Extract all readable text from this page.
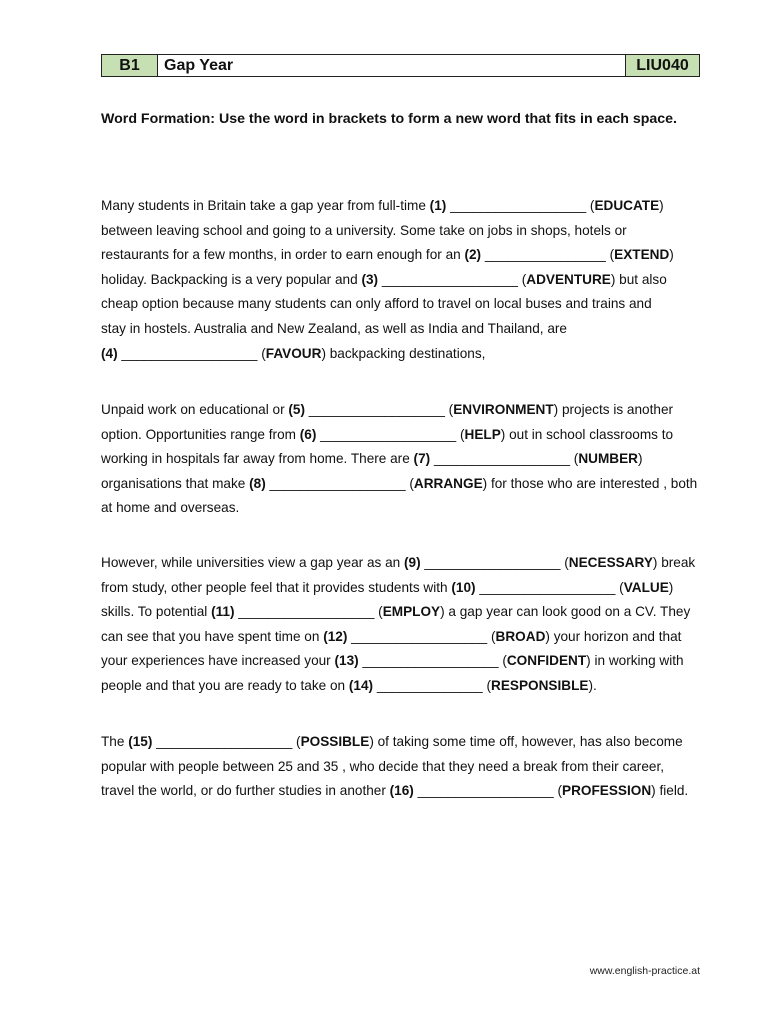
B1	Gap Year	LIU040
Word Formation: Use the word in brackets to form a new word that fits in each space.
Many students in Britain take a gap year from full-time (1) __________________ (EDUCATE)
between leaving school and going to a university. Some take on jobs in shops, hotels or
restaurants for a few months, in order to earn enough for an (2) ________________ (EXTEND)
holiday. Backpacking is a very popular and (3) __________________ (ADVENTURE) but also
cheap option because many students can only afford to travel on local buses and trains and
stay in hostels. Australia and New Zealand, as well as India and Thailand, are
(4) __________________ (FAVOUR) backpacking destinations,
Unpaid work on educational or (5) __________________ (ENVIRONMENT) projects is another
option. Opportunities range from (6) __________________ (HELP) out in school classrooms to
working in hospitals far away from home. There are (7) __________________ (NUMBER)
organisations that make (8) __________________ (ARRANGE) for those who are interested , both
at home and overseas.
However, while universities view a gap year as an (9) __________________ (NECESSARY) break
from study, other people feel that it provides students with (10) __________________ (VALUE)
skills. To potential (11) __________________ (EMPLOY) a gap year can look good on a CV. They
can see that you have spent time on (12) __________________ (BROAD) your horizon and that
your experiences have increased your (13) __________________ (CONFIDENT) in working with
people and that you are ready to take on (14) ______________ (RESPONSIBLE).
The (15) __________________ (POSSIBLE) of taking some time off, however, has also become
popular with people between 25 and 35 , who decide that they need a break from their career,
travel the world, or do further studies in another (16) __________________ (PROFESSION) field.
www.english-practice.at
